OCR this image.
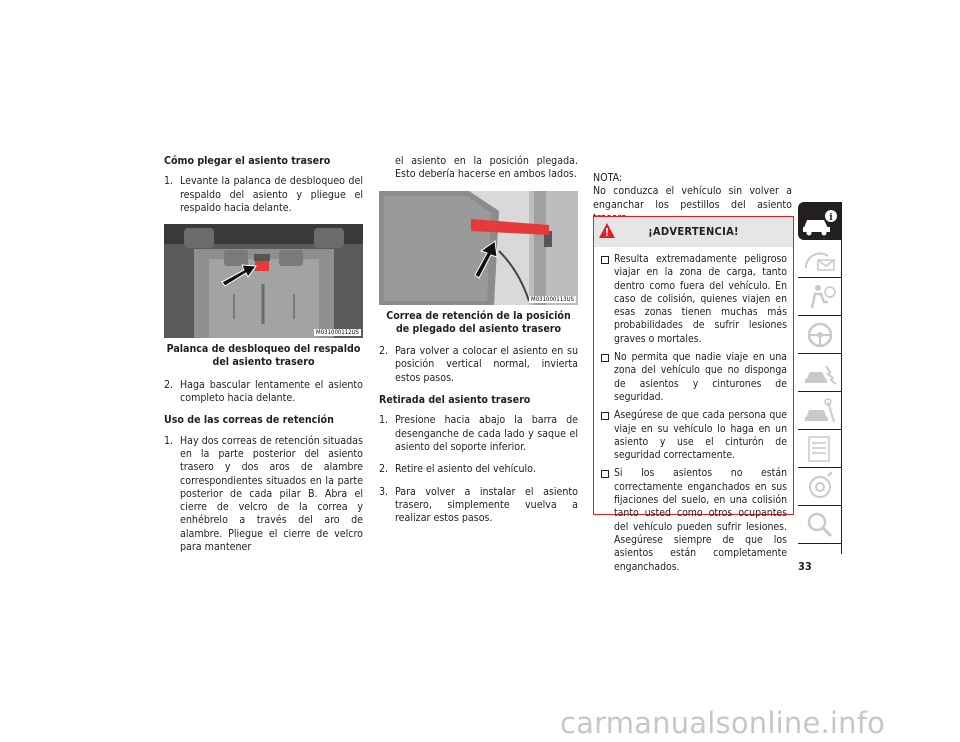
Cómo plegar el asiento trasero
1. Levante la palanca de desbloqueo del respaldo del asiento y pliegue el respaldo hacia delante.
M031000112US
Palanca de desbloqueo del respaldo del asiento trasero
2. Haga bascular lentamente el asiento completo hacia delante.
Uso de las correas de retención
1. Hay dos correas de retención situadas en la parte posterior del asiento trasero y dos aros de alambre correspondientes situados en la parte posterior de cada pilar B. Abra el cierre de velcro de la correa y enhébrelo a través del aro de alambre. Pliegue el cierre de velcro para mantener
el asiento en la posición plegada. Esto debería hacerse en ambos lados.
M031000113US
Correa de retención de la posición de plegado del asiento trasero
2. Para volver a colocar el asiento en su posición vertical normal, invierta estos pasos.
Retirada del asiento trasero
1. Presione hacia abajo la barra de desenganche de cada lado y saque el asiento del soporte inferior.
2. Retire el asiento del vehículo.
3. Para volver a instalar el asiento trasero, simplemente vuelva a realizar estos pasos.
NOTA:
No conduzca el vehículo sin volver a enganchar los pestillos del asiento
¡ADVERTENCIA!
Resulta extremadamente peligroso viajar en la zona de carga, tanto dentro como fuera del vehículo. En caso de colisión, quienes viajen en esas zonas tienen muchas más probabilidades de sufrir lesiones graves o mortales.
No permita que nadie viaje en una zona del vehículo que no disponga de asientos y cinturones de seguridad.
Asegúrese de que cada persona que viaje en su vehículo lo haga en un asiento y use el cinturón de seguridad correctamente.
Si los asientos no están correctamente enganchados en sus fijaciones del suelo, en una colisión tanto usted como otros ocupantes del vehículo pueden sufrir lesiones. Asegúrese siempre de que los asientos están completamente enganchados.
i
33
carmanualsonline.info
